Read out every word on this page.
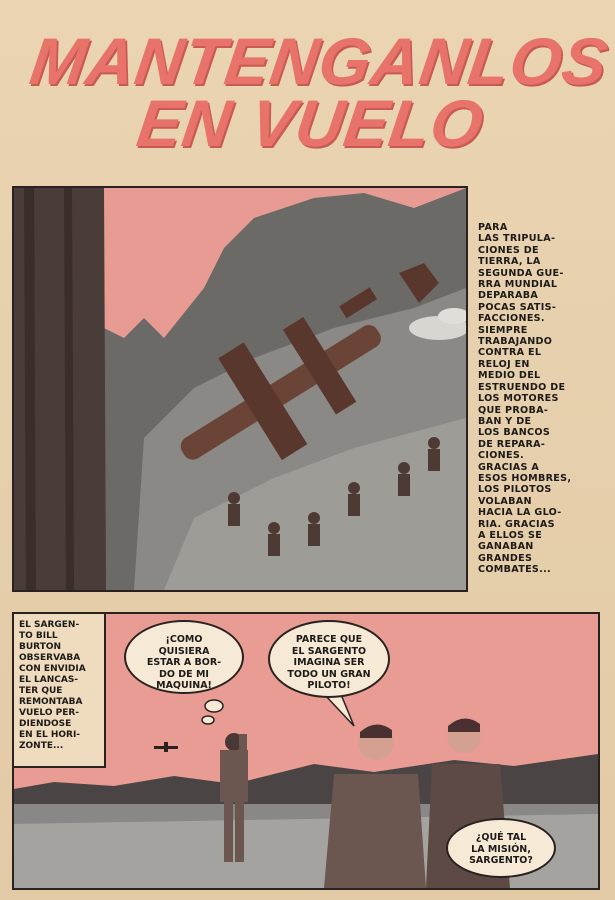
MANTENGANLOS
EN VUELO
PARA
LAS TRIPULA-
CIONES DE
TIERRA, LA
SEGUNDA GUE-
RRA MUNDIAL
DEPARABA
POCAS SATIS-
FACCIONES.
SIEMPRE
TRABAJANDO
CONTRA EL
RELOJ EN
MEDIO DEL
ESTRUENDO DE
LOS MOTORES
QUE PROBA-
BAN Y DE
LOS BANCOS
DE REPARA-
CIONES.
GRACIAS A
ESOS HOMBRES,
LOS PILOTOS
VOLABAN
HACIA LA GLO-
RIA. GRACIAS
A ELLOS SE
GANABAN
GRANDES
COMBATES...
EL SARGEN-
TO BILL
BURTON
OBSERVABA
CON ENVIDIA
EL LANCAS-
TER QUE
REMONTABA
VUELO PER-
DIENDOSE
EN EL HORI-
ZONTE...
¡COMO
QUISIERA
ESTAR A BOR-
DO DE MI
MAQUINA!
PARECE QUE
EL SARGENTO
IMAGINA SER
TODO UN GRAN
PILOTO!
¿QUÉ TAL
LA MISIÓN,
SARGENTO?
